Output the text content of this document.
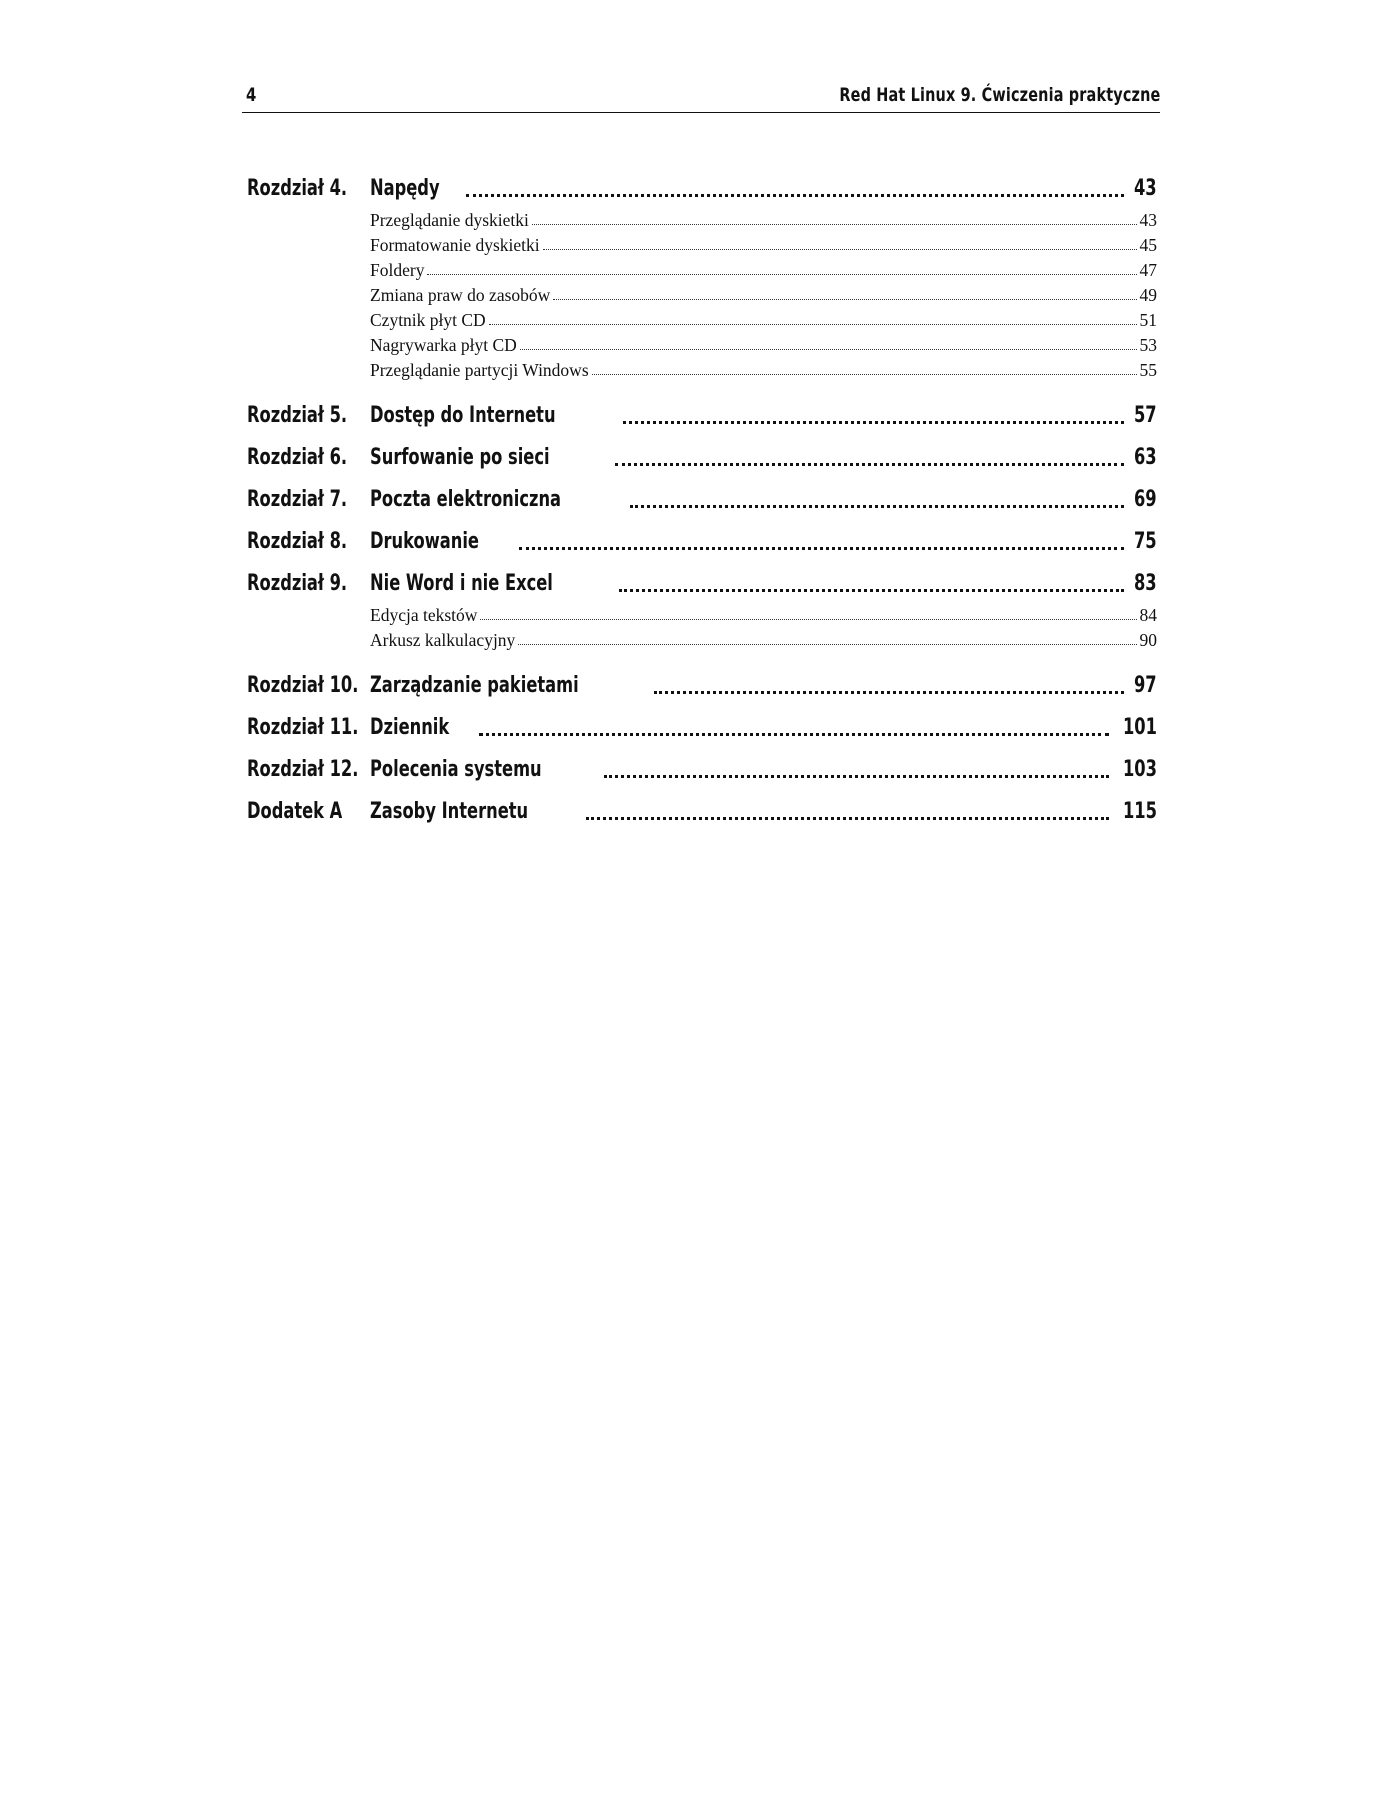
4	Red Hat Linux 9. Ćwiczenia praktyczne
Rozdział 4.	Napędy	43
Przeglądanie dyskietki	43
Formatowanie dyskietki	45
Foldery	47
Zmiana praw do zasobów	49
Czytnik płyt CD	51
Nagrywarka płyt CD	53
Przeglądanie partycji Windows	55
Rozdział 5.	Dostęp do Internetu	57
Rozdział 6.	Surfowanie po sieci	63
Rozdział 7.	Poczta elektroniczna	69
Rozdział 8.	Drukowanie	75
Rozdział 9.	Nie Word i nie Excel	83
Edycja tekstów	84
Arkusz kalkulacyjny	90
Rozdział 10. Zarządzanie pakietami	97
Rozdział 11. Dziennik	101
Rozdział 12. Polecenia systemu	103
Dodatek A	Zasoby Internetu	115
